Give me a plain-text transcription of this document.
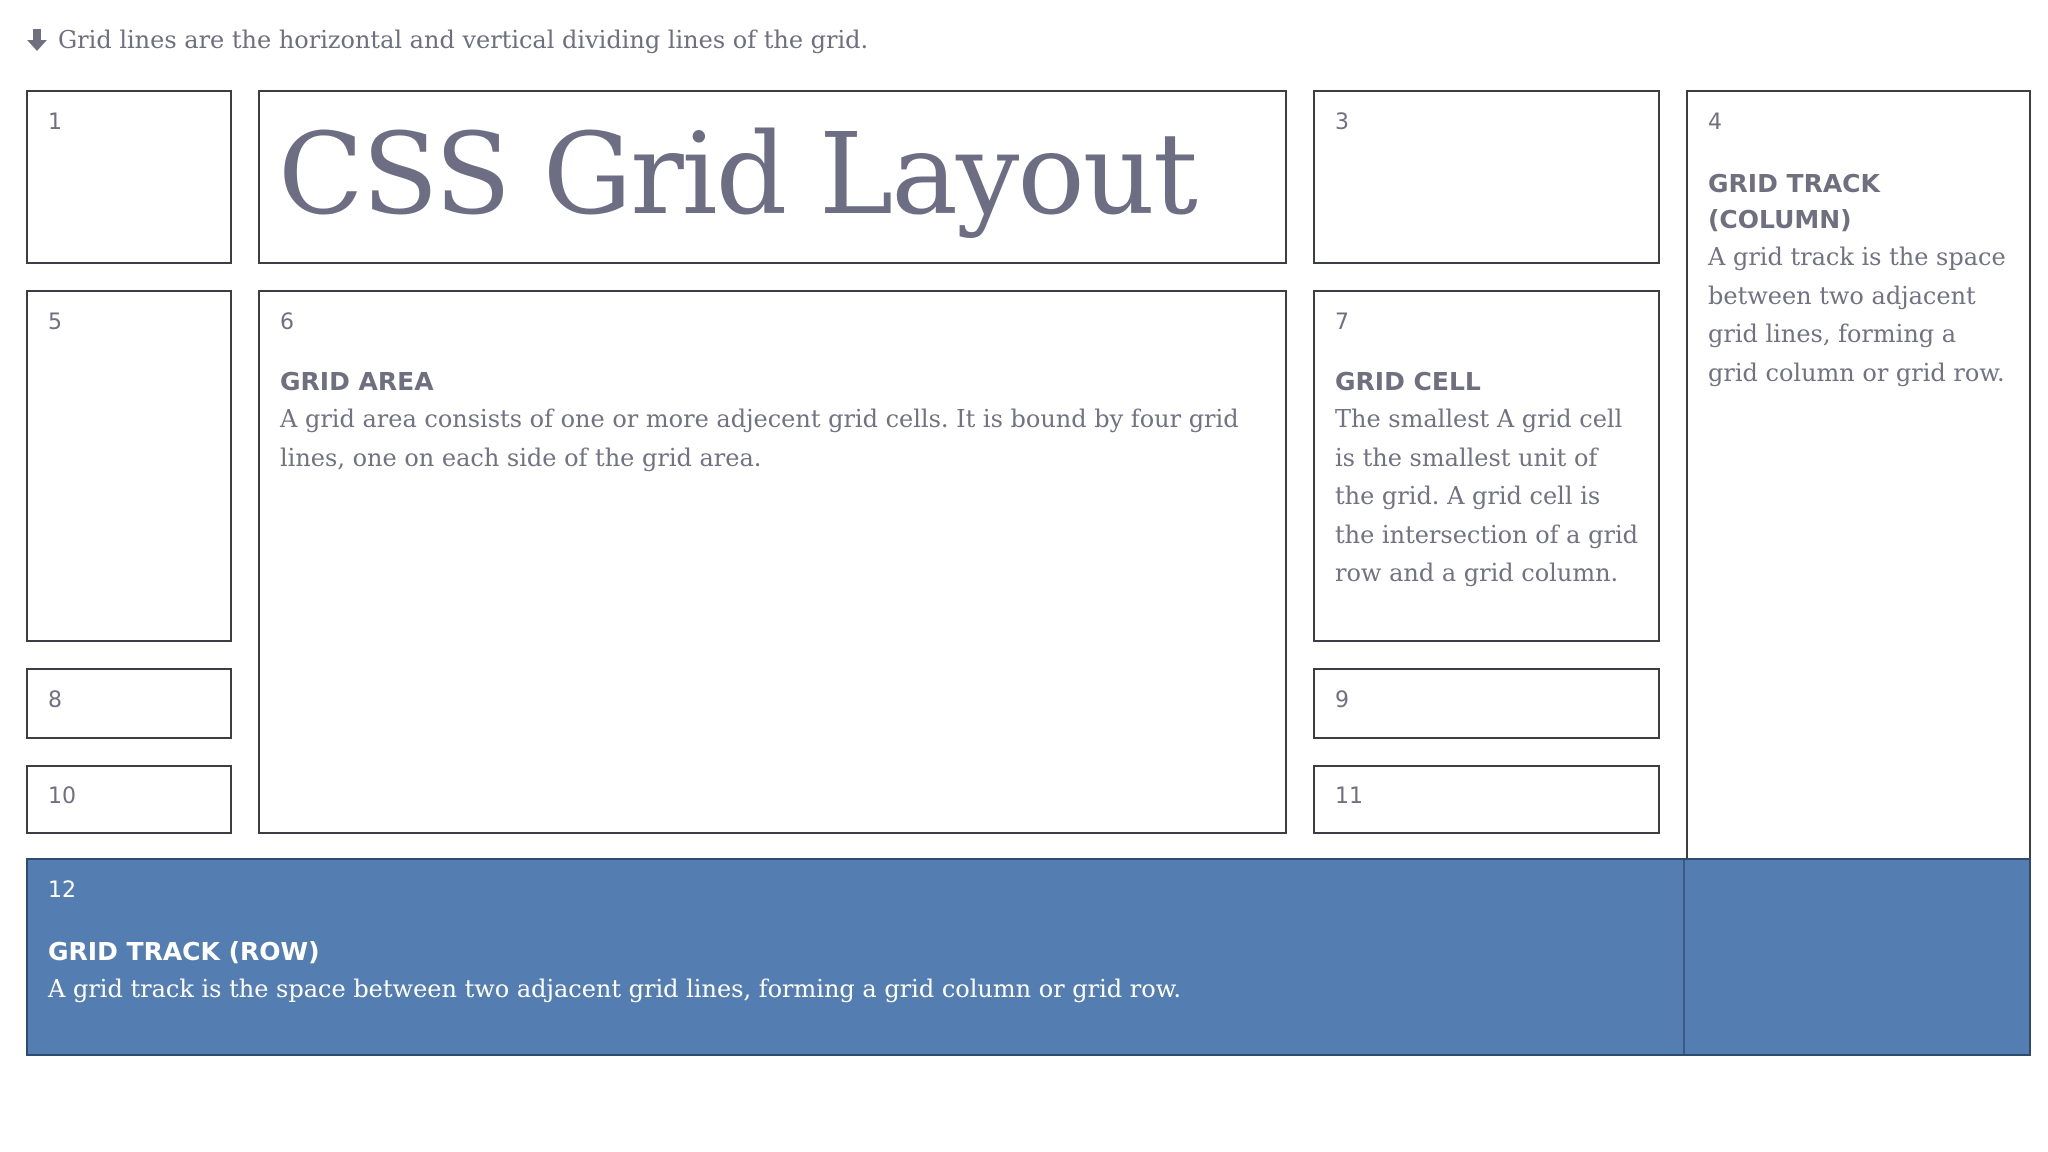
Grid lines are the horizontal and vertical dividing lines of the grid.
1 CSS Grid Layout	3	4
GRID TRACK (COLUMN)
A grid track is the space between two adjacent grid lines, forming a grid column or grid row.
5	6
GRID AREA
A grid area consists of one or more adjecent grid cells. It is bound by four grid lines, one on each side of the grid area.
7
GRID CELL
The smallest A grid cell is the smallest unit of the grid. A grid cell is the intersection of a grid row and a grid column.
8	9
10	11
12
GRID TRACK (ROW)
A grid track is the space between two adjacent grid lines, forming a grid column or grid row.
